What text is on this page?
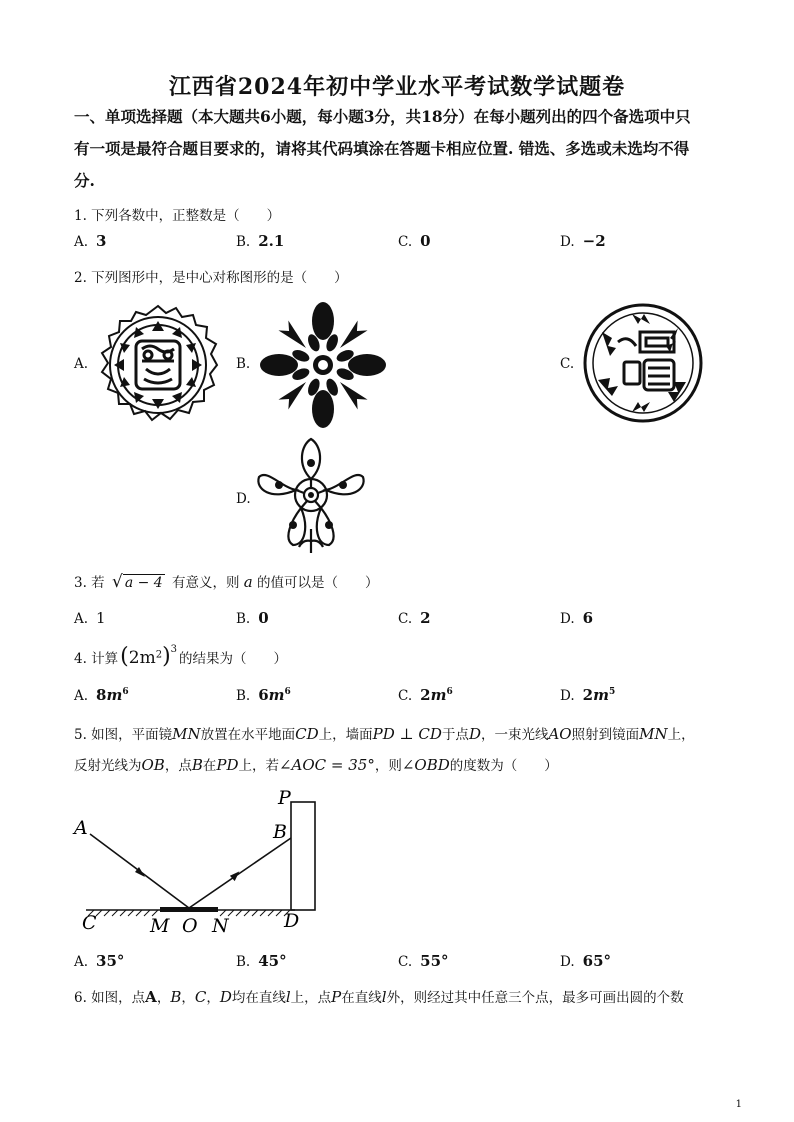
江西省2024年初中学业水平考试数学试题卷
一、单项选择题（本大题共6小题，每小题3分，共18分）在每小题列出的四个备选项中只
有一项是最符合题目要求的，请将其代码填涂在答题卡相应位置. 错选、多选或未选均不得
分.
1. 下列各数中，正整数是（　　）
A. 3	B. 2.1	C. 0	D. −2
2. 下列图形中，是中心对称图形的是（　　）
A.	B.	C.
D.
3. 若 √ a − 4 有意义，则 a 的值可以是（　　）
A. 1	B. 0	C. 2	D. 6
4. 计算$(2m^2)^3$的结果为（　　）
A. $8m^6$	B. $6m^6$	C. $2m^6$	D. $2m^5$
5. 如图，平面镜MN放置在水平地面CD上，墙面PD ⊥ CD于点D，一束光线AO照射到镜面MN上，
反射光线为OB，点B在PD上，若∠AOC = 35°，则∠OBD的度数为（　　）
A	B
P
C	D
M O N
A. 35°	B. 45°	C. 55°	D. 65°
6. 如图，点A，B，C，D均在直线l上，点P在直线l外，则经过其中任意三个点，最多可画出圆的个数
1
